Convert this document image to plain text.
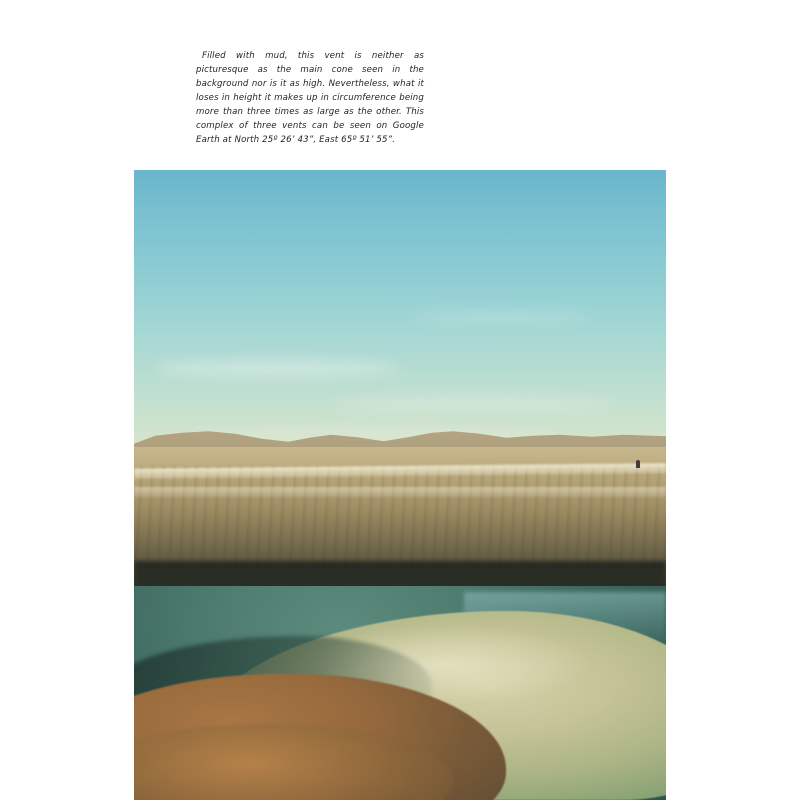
Filled with mud, this vent is neither as picturesque as the main cone seen in the background nor is it as high. Nevertheless, what it loses in height it makes up in circumference being more than three times as large as the other. This complex of three vents can be seen on Google Earth at North 25º 26’ 43”, East 65º 51’ 55”.
